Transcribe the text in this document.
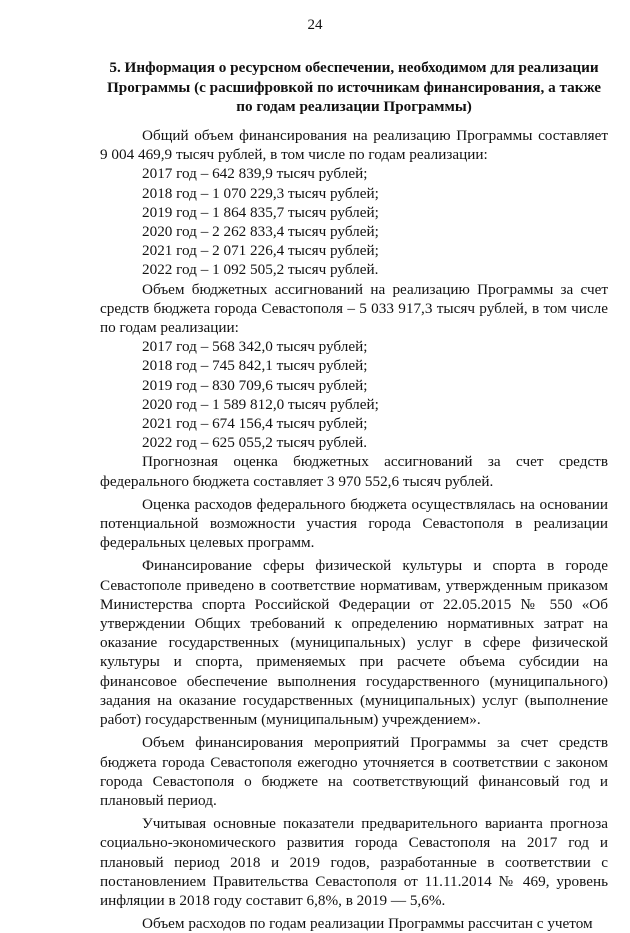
24
5. Информация о ресурсном обеспечении, необходимом для реализации
Программы (с расшифровкой по источникам финансирования, а также
по годам реализации Программы)

Общий объем финансирования на реализацию Программы составляет 9 004 469,9 тысяч рублей, в том числе по годам реализации:

2017 год – 642 839,9 тысяч рублей;
2018 год – 1 070 229,3 тысяч рублей;
2019 год – 1 864 835,7 тысяч рублей;
2020 год – 2 262 833,4 тысяч рублей;
2021 год – 2 071 226,4 тысяч рублей;
2022 год – 1 092 505,2 тысяч рублей.

Объем бюджетных ассигнований на реализацию Программы за счет средств бюджета города Севастополя – 5 033 917,3 тысяч рублей, в том числе по годам реализации:

2017 год – 568 342,0 тысяч рублей;
2018 год – 745 842,1 тысяч рублей;
2019 год – 830 709,6 тысяч рублей;
2020 год – 1 589 812,0 тысяч рублей;
2021 год – 674 156,4 тысяч рублей;
2022 год – 625 055,2 тысяч рублей.

Прогнозная оценка бюджетных ассигнований за счет средств федерального бюджета составляет 3 970 552,6 тысяч рублей.

Оценка расходов федерального бюджета осуществлялась на основании потенциальной возможности участия города Севастополя в реализации федеральных целевых программ.

Финансирование сферы физической культуры и спорта в городе Севастополе приведено в соответствие нормативам, утвержденным приказом Министерства спорта Российской Федерации от 22.05.2015 № 550 «Об утверждении Общих требований к определению нормативных затрат на оказание государственных (муниципальных) услуг в сфере физической культуры и спорта, применяемых при расчете объема субсидии на финансовое обеспечение выполнения государственного (муниципального) задания на оказание государственных (муниципальных) услуг (выполнение работ) государственным (муниципальным) учреждением».

Объем финансирования мероприятий Программы за счет средств бюджета города Севастополя ежегодно уточняется в соответствии с законом города Севастополя о бюджете на соответствующий финансовый год и плановый период.

Учитывая основные показатели предварительного варианта прогноза социально-экономического развития города Севастополя на 2017 год и плановый период 2018 и 2019 годов, разработанные в соответствии с постановлением Правительства Севастополя от 11.11.2014 № 469, уровень инфляции в 2018 году составит 6,8%, в 2019 — 5,6%.

Объем расходов по годам реализации Программы рассчитан с учетом
